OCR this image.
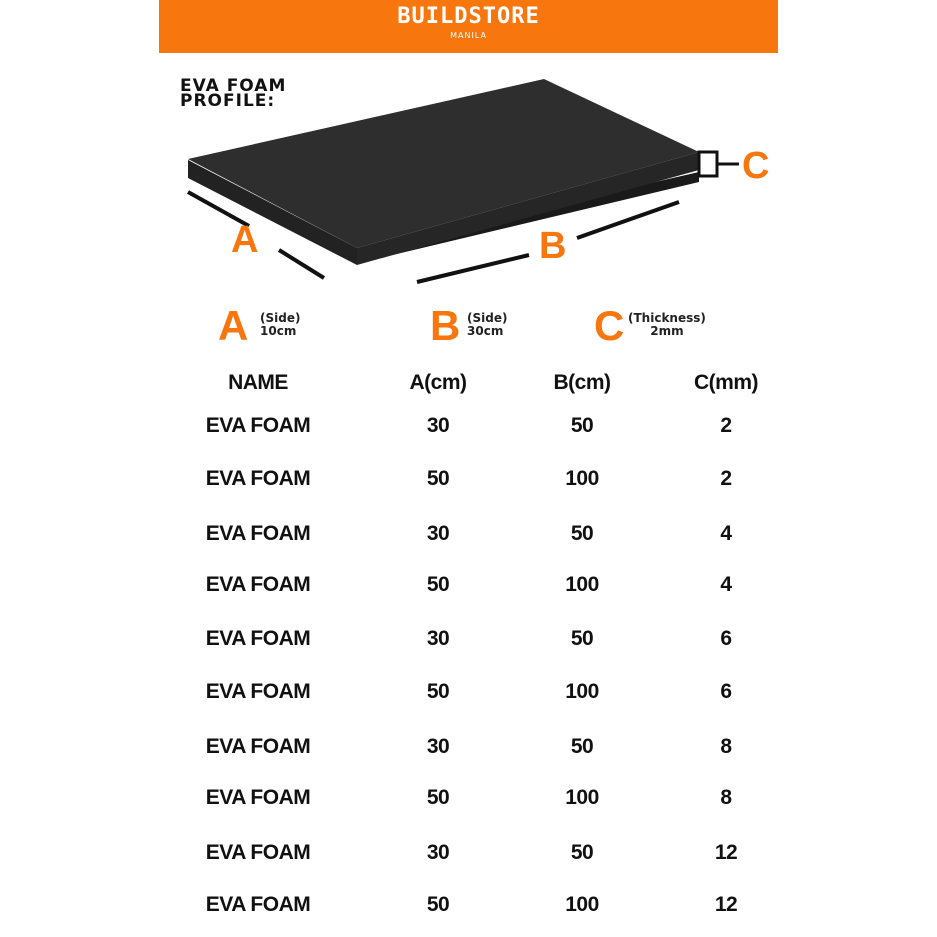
BUILDSTORE
MANILA
EVA FOAM
PROFILE:
A	B
C
A (Side)
10cm	B (Side)
30cm C (Thickness)
2mm
NAME	A(cm)	B(cm)	C(mm)
EVA FOAM	30	50	2
EVA FOAM	50	100	2
EVA FOAM	30	50	4
EVA FOAM	50	100	4
EVA FOAM	30	50	6
EVA FOAM	50	100	6
EVA FOAM	30	50	8
EVA FOAM	50	100	8
EVA FOAM	30	50	12
EVA FOAM	50	100	12
